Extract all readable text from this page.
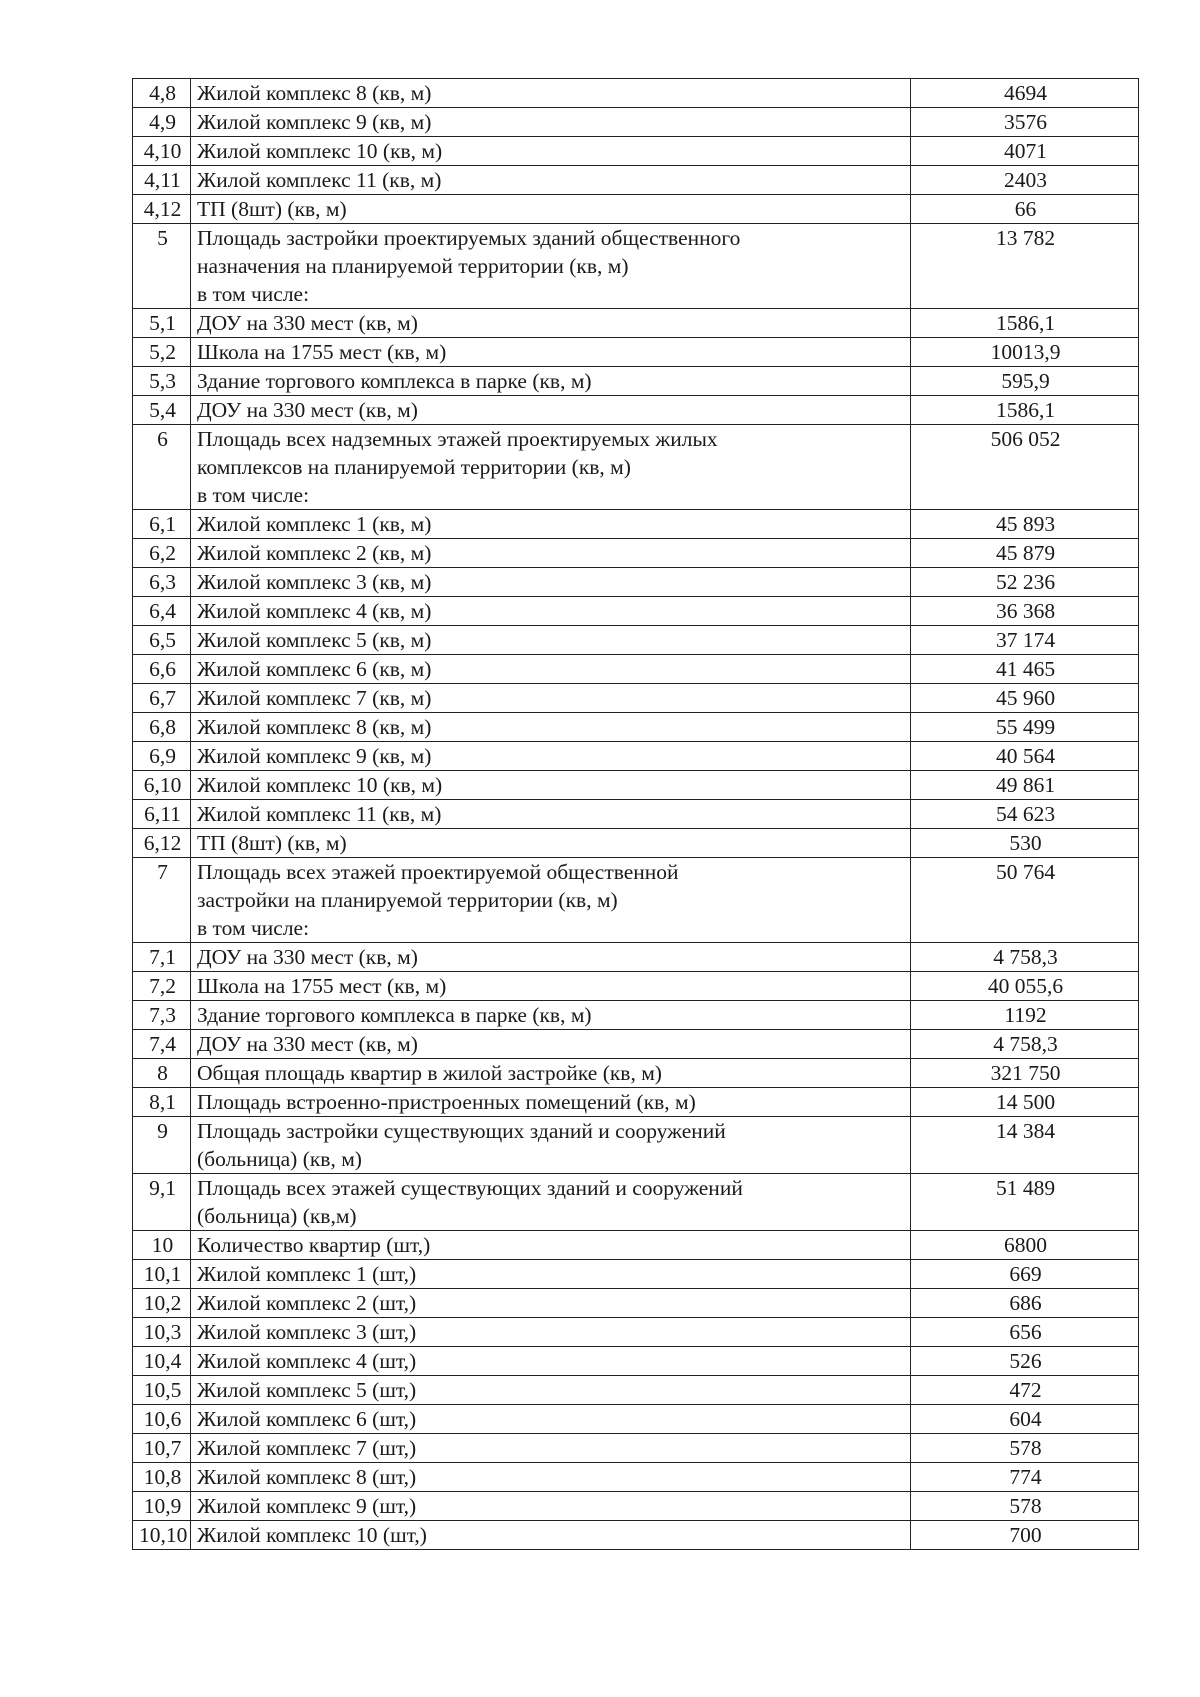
4,8	Жилой комплекс 8 (кв, м)	4694
4,9	Жилой комплекс 9 (кв, м)	3576
4,10	Жилой комплекс 10 (кв, м)	4071
4,11	Жилой комплекс 11 (кв, м)	2403
4,12	ТП (8шт) (кв, м)	66
5	Площадь застройки проектируемых зданий общественного
назначения на планируемой территории (кв, м)
в том числе:	13 782
5,1	ДОУ на 330 мест (кв, м)	1586,1
5,2	Школа на 1755 мест (кв, м)	10013,9
5,3	Здание торгового комплекса в парке (кв, м)	595,9
5,4	ДОУ на 330 мест (кв, м)	1586,1
6	Площадь всех надземных этажей проектируемых жилых
комплексов на планируемой территории (кв, м)
в том числе:	506 052
6,1	Жилой комплекс 1 (кв, м)	45 893
6,2	Жилой комплекс 2 (кв, м)	45 879
6,3	Жилой комплекс 3 (кв, м)	52 236
6,4	Жилой комплекс 4 (кв, м)	36 368
6,5	Жилой комплекс 5 (кв, м)	37 174
6,6	Жилой комплекс 6 (кв, м)	41 465
6,7	Жилой комплекс 7 (кв, м)	45 960
6,8	Жилой комплекс 8 (кв, м)	55 499
6,9	Жилой комплекс 9 (кв, м)	40 564
6,10	Жилой комплекс 10 (кв, м)	49 861
6,11	Жилой комплекс 11 (кв, м)	54 623
6,12	ТП (8шт) (кв, м)	530
7	Площадь всех этажей проектируемой общественной
застройки на планируемой территории (кв, м)
в том числе:	50 764
7,1	ДОУ на 330 мест (кв, м)	4 758,3
7,2	Школа на 1755 мест (кв, м)	40 055,6
7,3	Здание торгового комплекса в парке (кв, м)	1192
7,4	ДОУ на 330 мест (кв, м)	4 758,3
8	Общая площадь квартир в жилой застройке (кв, м)	321 750
8,1	Площадь встроенно-пристроенных помещений (кв, м)	14 500
9	Площадь застройки существующих зданий и сооружений
(больница) (кв, м)	14 384
9,1	Площадь всех этажей существующих зданий и сооружений
(больница) (кв,м)	51 489
10	Количество квартир (шт,)	6800
10,1	Жилой комплекс 1 (шт,)	669
10,2	Жилой комплекс 2 (шт,)	686
10,3	Жилой комплекс 3 (шт,)	656
10,4	Жилой комплекс 4 (шт,)	526
10,5	Жилой комплекс 5 (шт,)	472
10,6	Жилой комплекс 6 (шт,)	604
10,7	Жилой комплекс 7 (шт,)	578
10,8	Жилой комплекс 8 (шт,)	774
10,9	Жилой комплекс 9 (шт,)	578
10,10	Жилой комплекс 10 (шт,)	700
